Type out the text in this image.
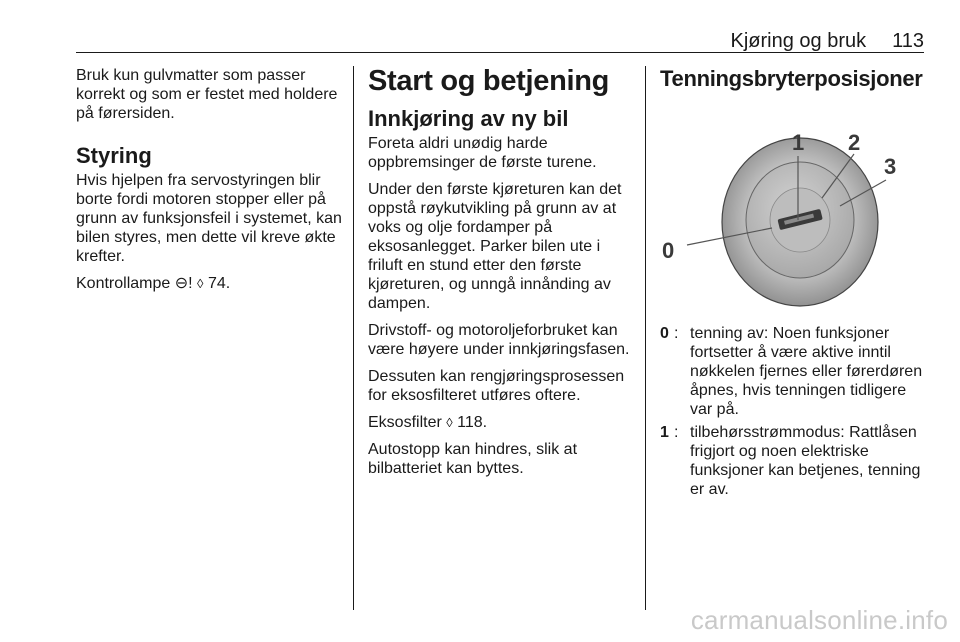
Kjøring og bruk 113

Bruk kun gulvmatter som passer korrekt og som er festet med holdere på førersiden.

Styring

Hvis hjelpen fra servostyringen blir borte fordi motoren stopper eller på grunn av funksjonsfeil i systemet, kan bilen styres, men dette vil kreve økte krefter.

Kontrollampe ⊖! ◊ 74.

Start og betjening
Innkjøring av ny bil

Foreta aldri unødig harde oppbremsinger de første turene.

Under den første kjøreturen kan det oppstå røykutvikling på grunn av at voks og olje fordamper på eksosanlegget. Parker bilen ute i friluft en stund etter den første kjøreturen, og unngå innånding av dampen.

Drivstoff- og motoroljeforbruket kan være høyere under innkjøringsfasen.

Dessuten kan rengjøringsprosessen for eksosfilteret utføres oftere.

Eksosfilter ◊ 118.

Autostopp kan hindres, slik at bilbatteriet kan byttes.

Tenningsbryterposisjoner
0
1 2
3
0 : tenning av: Noen funksjoner fortsetter å være aktive inntil nøkkelen fjernes eller førerdøren åpnes, hvis tenningen tidligere var på.
1 : tilbehørsstrømmodus: Rattlåsen frigjort og noen elektriske funksjoner kan betjenes, tenning er av.
carmanualsonline.info
